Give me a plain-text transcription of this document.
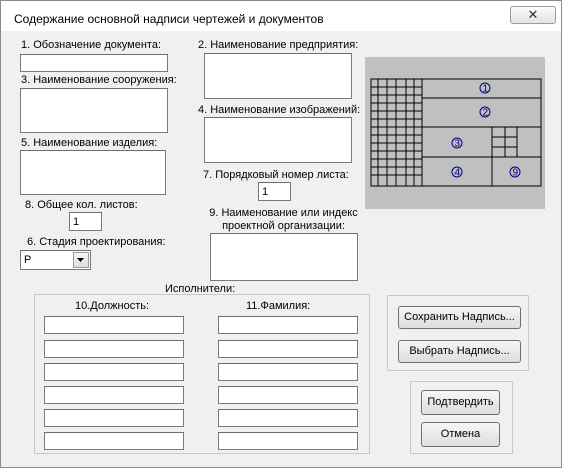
Содержание основной надписи чертежей и документов	✕
1. Обозначение документа:
3. Наименование сооружения:
5. Наименование изделия:
8. Общее кол. листов:
1
6. Стадия проектирования:
Р
2. Наименование предприятия:
4. Наименование изображений:
7. Порядковый номер листа:
1
9. Наименование или индекс
проектной организации:
1
2
3
4	9
Исполнители:
10.Должность:	11.Фамилия:
Сохранить Надпись...
Выбрать Надпись...
Подтвердить
Отмена
